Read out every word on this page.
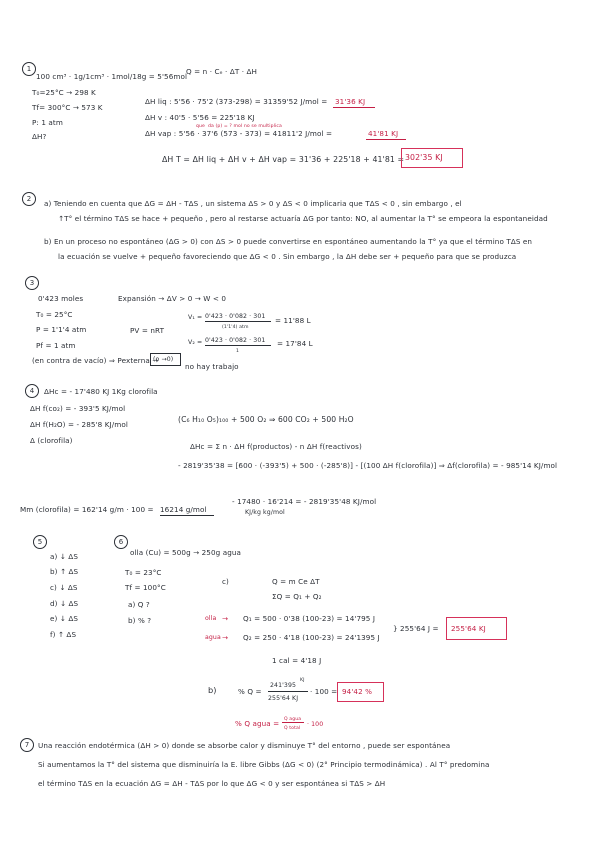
1
100 cm³ · 1g/1cm³ · 1mol/18g = 5'56mol
Q = n · Cₑ · ΔT · ΔH
T₀=25°C → 298 K
Tf= 300°C → 573 K
P: 1 atm
ΔH?
ΔH liq : 5'56 · 75'2 (373-298) = 31359'52 J/mol = 31'36 KJ
ΔH v : 40'5 · 5'56 = 225'18 KJ
que da (p) = ? mol no se multiplica
ΔH vap : 5'56 · 37'6 (573 - 373) = 41811'2 J/mol =	41'81 KJ
ΔH T = ΔH liq + ΔH v + ΔH vap = 31'36 + 225'18 + 41'81 = 302'35 KJ
2	a) Teniendo en cuenta que ΔG = ΔH - TΔS , un sistema ΔS > 0 y ΔS < 0 implicaria que TΔS < 0 , sin embargo , el
↑T° el término TΔS se hace + pequeño , pero al restarse actuaría ΔG por tanto: NO, al aumentar la T° se empeora la espontaneidad
b) En un proceso no espontáneo (ΔG > 0) con ΔS > 0 puede convertirse en espontáneo aumentando la T° ya que el término TΔS en
la ecuación se vuelve + pequeño favoreciendo que ΔG < 0 . Sin embargo , la ΔH debe ser + pequeño para que se produzca
3
0'423 moles
T₀ = 25°C
P = 1'1'4 atm
Pf = 1 atm
(en contra de vacío) ⇒ Pexterna →
(o →0)
Expansión → ΔV > 0 → W < 0
PV = nRT
V₁ = 0'423 · 0'082 · 301
(1'1'4) atm
= 11'88 L
V₂ = 0'423 · 0'082 · 301
1
= 17'84 L
no hay trabajo
4	ΔHc = - 17'480 KJ 1Kg clorofila
ΔH f(co₂) = - 393'5 KJ/mol
ΔH f(H₂O) = - 285'8 KJ/mol
Δ (clorofila)
(C₆ H₁₀ O₅)₁₀₀ + 500 O₂ ⇒ 600 CO₂ + 500 H₂O
ΔHc = Σ n · ΔH f(productos) - n ΔH f(reactivos)
- 2819'35'38 = [600 · (-393'5) + 500 · (-285'8)] - [(100 ΔH f(clorofila)] ⇒ Δf(clorofila) = - 985'14 KJ/mol
- 17480 · 16'214 = - 2819'35'48 KJ/mol
KJ/kg kg/mol
Mm (clorofila) = 162'14 g/m · 100 = 16214 g/mol
5
a) ↓ ΔS
b) ↑ ΔS
c) ↓ ΔS
d) ↓ ΔS
e) ↓ ΔS
f) ↑ ΔS
6
olla (Cu) = 500g → 250g agua
T₀ = 23°C
Tf = 100°C
a) Q ?
b) % ?
c)	Q = m Ce ΔT
ΣQ = Q₁ + Q₂
olla → Q₁ = 500 · 0'38 (100-23) = 14'795 J
agua → Q₂ = 250 · 4'18 (100-23) = 24'1395 J
} 255'64 J = 255'64 KJ
1 cal = 4'18 J
b)	% Q =
241'395
KJ
255'64 KJ
· 100 = 94'42 %
% Q agua = Q agua
Q total
· 100
7	Una reacción endotérmica (ΔH > 0) donde se absorbe calor y disminuye T° del entorno , puede ser espontánea
Si aumentamos la T° del sistema que disminuiría la E. libre Gibbs (ΔG < 0) (2° Principio termodinámica) . Al T° predomina
el término TΔS en la ecuación ΔG = ΔH - TΔS por lo que ΔG < 0 y ser espontánea si TΔS > ΔH
